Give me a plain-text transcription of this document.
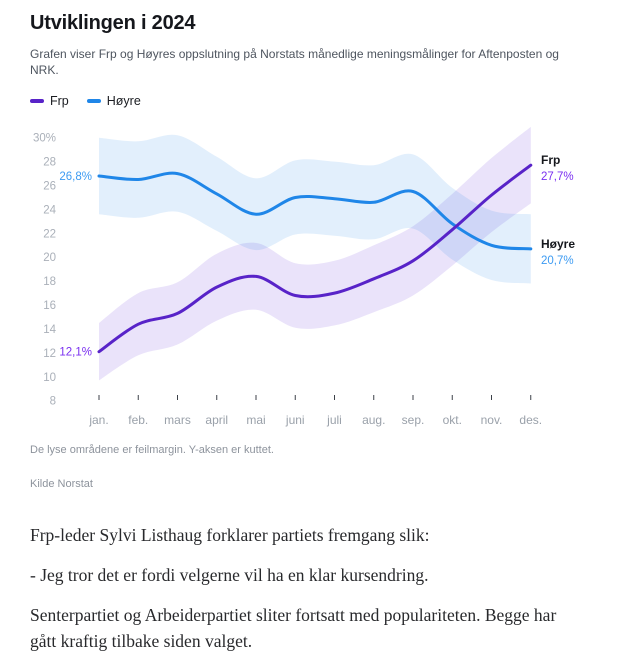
Utviklingen i 2024

Grafen viser Frp og Høyres oppslutning på Norstats månedlige meningsmålinger for Aftenposten og NRK.

Frp	Høyre
30%
28
26
24
22
20
18
16
14
12
10
8
jan. feb. mars april mai juni juli aug. sep. okt. nov. des.
12,1%
26,8%
Frp
27,7%
Høyre
20,7%

De lyse områdene er feilmargin. Y-aksen er kuttet.

Kilde Norstat

Frp-leder Sylvi Listhaug forklarer partiets fremgang slik:

- Jeg tror det er fordi velgerne vil ha en klar kursendring.

Senterpartiet og Arbeiderpartiet sliter fortsatt med populariteten. Begge har gått kraftig tilbake siden valget.
